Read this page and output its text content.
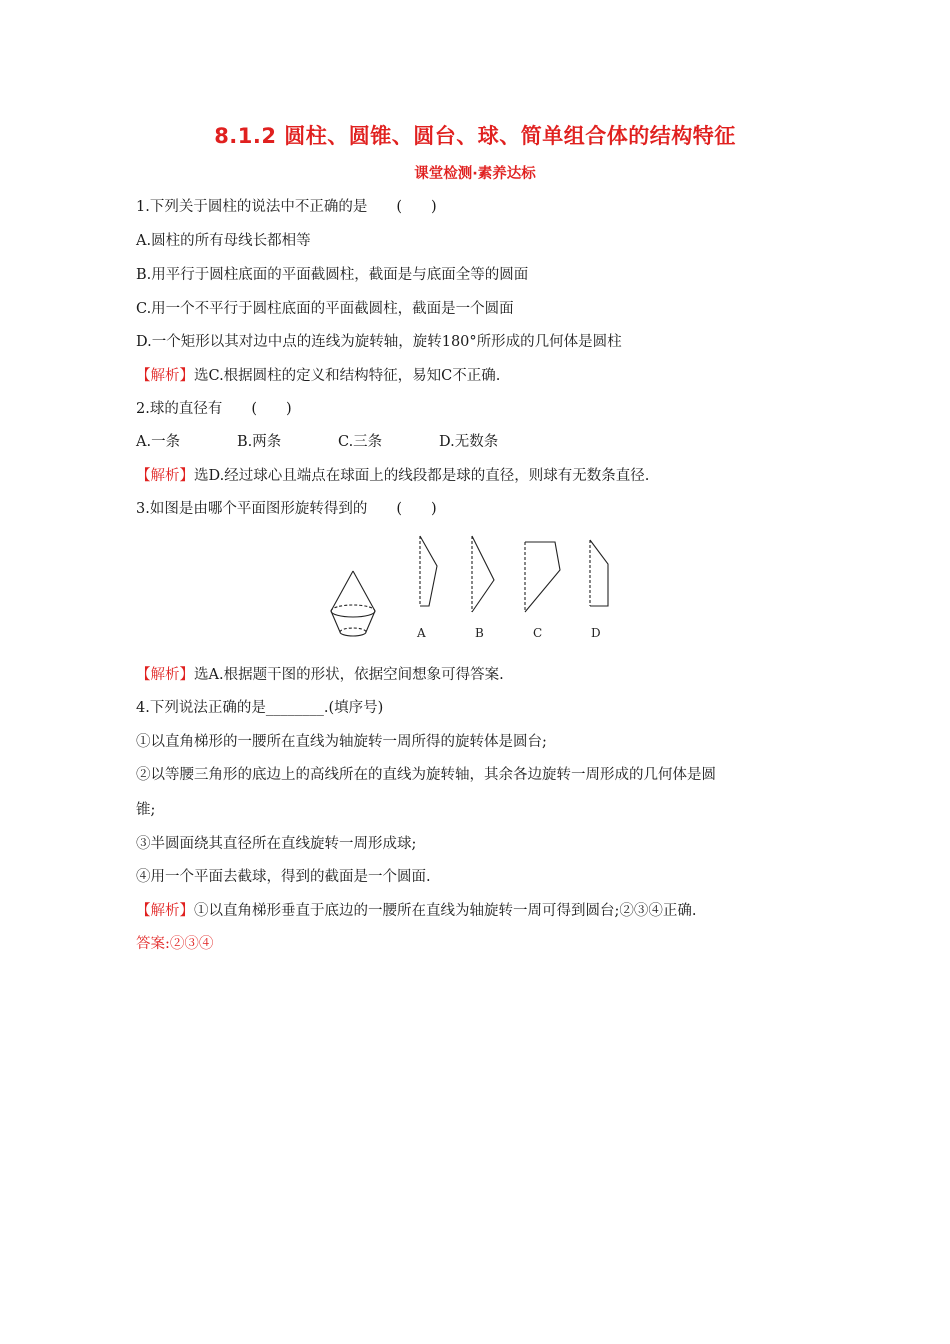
8.1.2 圆柱、圆锥、圆台、球、简单组合体的结构特征
课堂检测·素养达标
1.下列关于圆柱的说法中不正确的是　　(　　)
A.圆柱的所有母线长都相等
B.用平行于圆柱底面的平面截圆柱，截面是与底面全等的圆面
C.用一个不平行于圆柱底面的平面截圆柱，截面是一个圆面
D.一个矩形以其对边中点的连线为旋转轴，旋转180°所形成的几何体是圆柱
【解析】选C.根据圆柱的定义和结构特征，易知C不正确.
2.球的直径有　　(　　)
A.一条	B.两条	C.三条	D.无数条
【解析】选D.经过球心且端点在球面上的线段都是球的直径，则球有无数条直径.
3.如图是由哪个平面图形旋转得到的　　(　　)
A	B	C	D
【解析】选A.根据题干图的形状，依据空间想象可得答案.
4.下列说法正确的是________.(填序号)
①以直角梯形的一腰所在直线为轴旋转一周所得的旋转体是圆台;
②以等腰三角形的底边上的高线所在的直线为旋转轴，其余各边旋转一周形成的几何体是圆
锥;
③半圆面绕其直径所在直线旋转一周形成球;
④用一个平面去截球，得到的截面是一个圆面.
【解析】①以直角梯形垂直于底边的一腰所在直线为轴旋转一周可得到圆台;②③④正确.
答案:②③④
